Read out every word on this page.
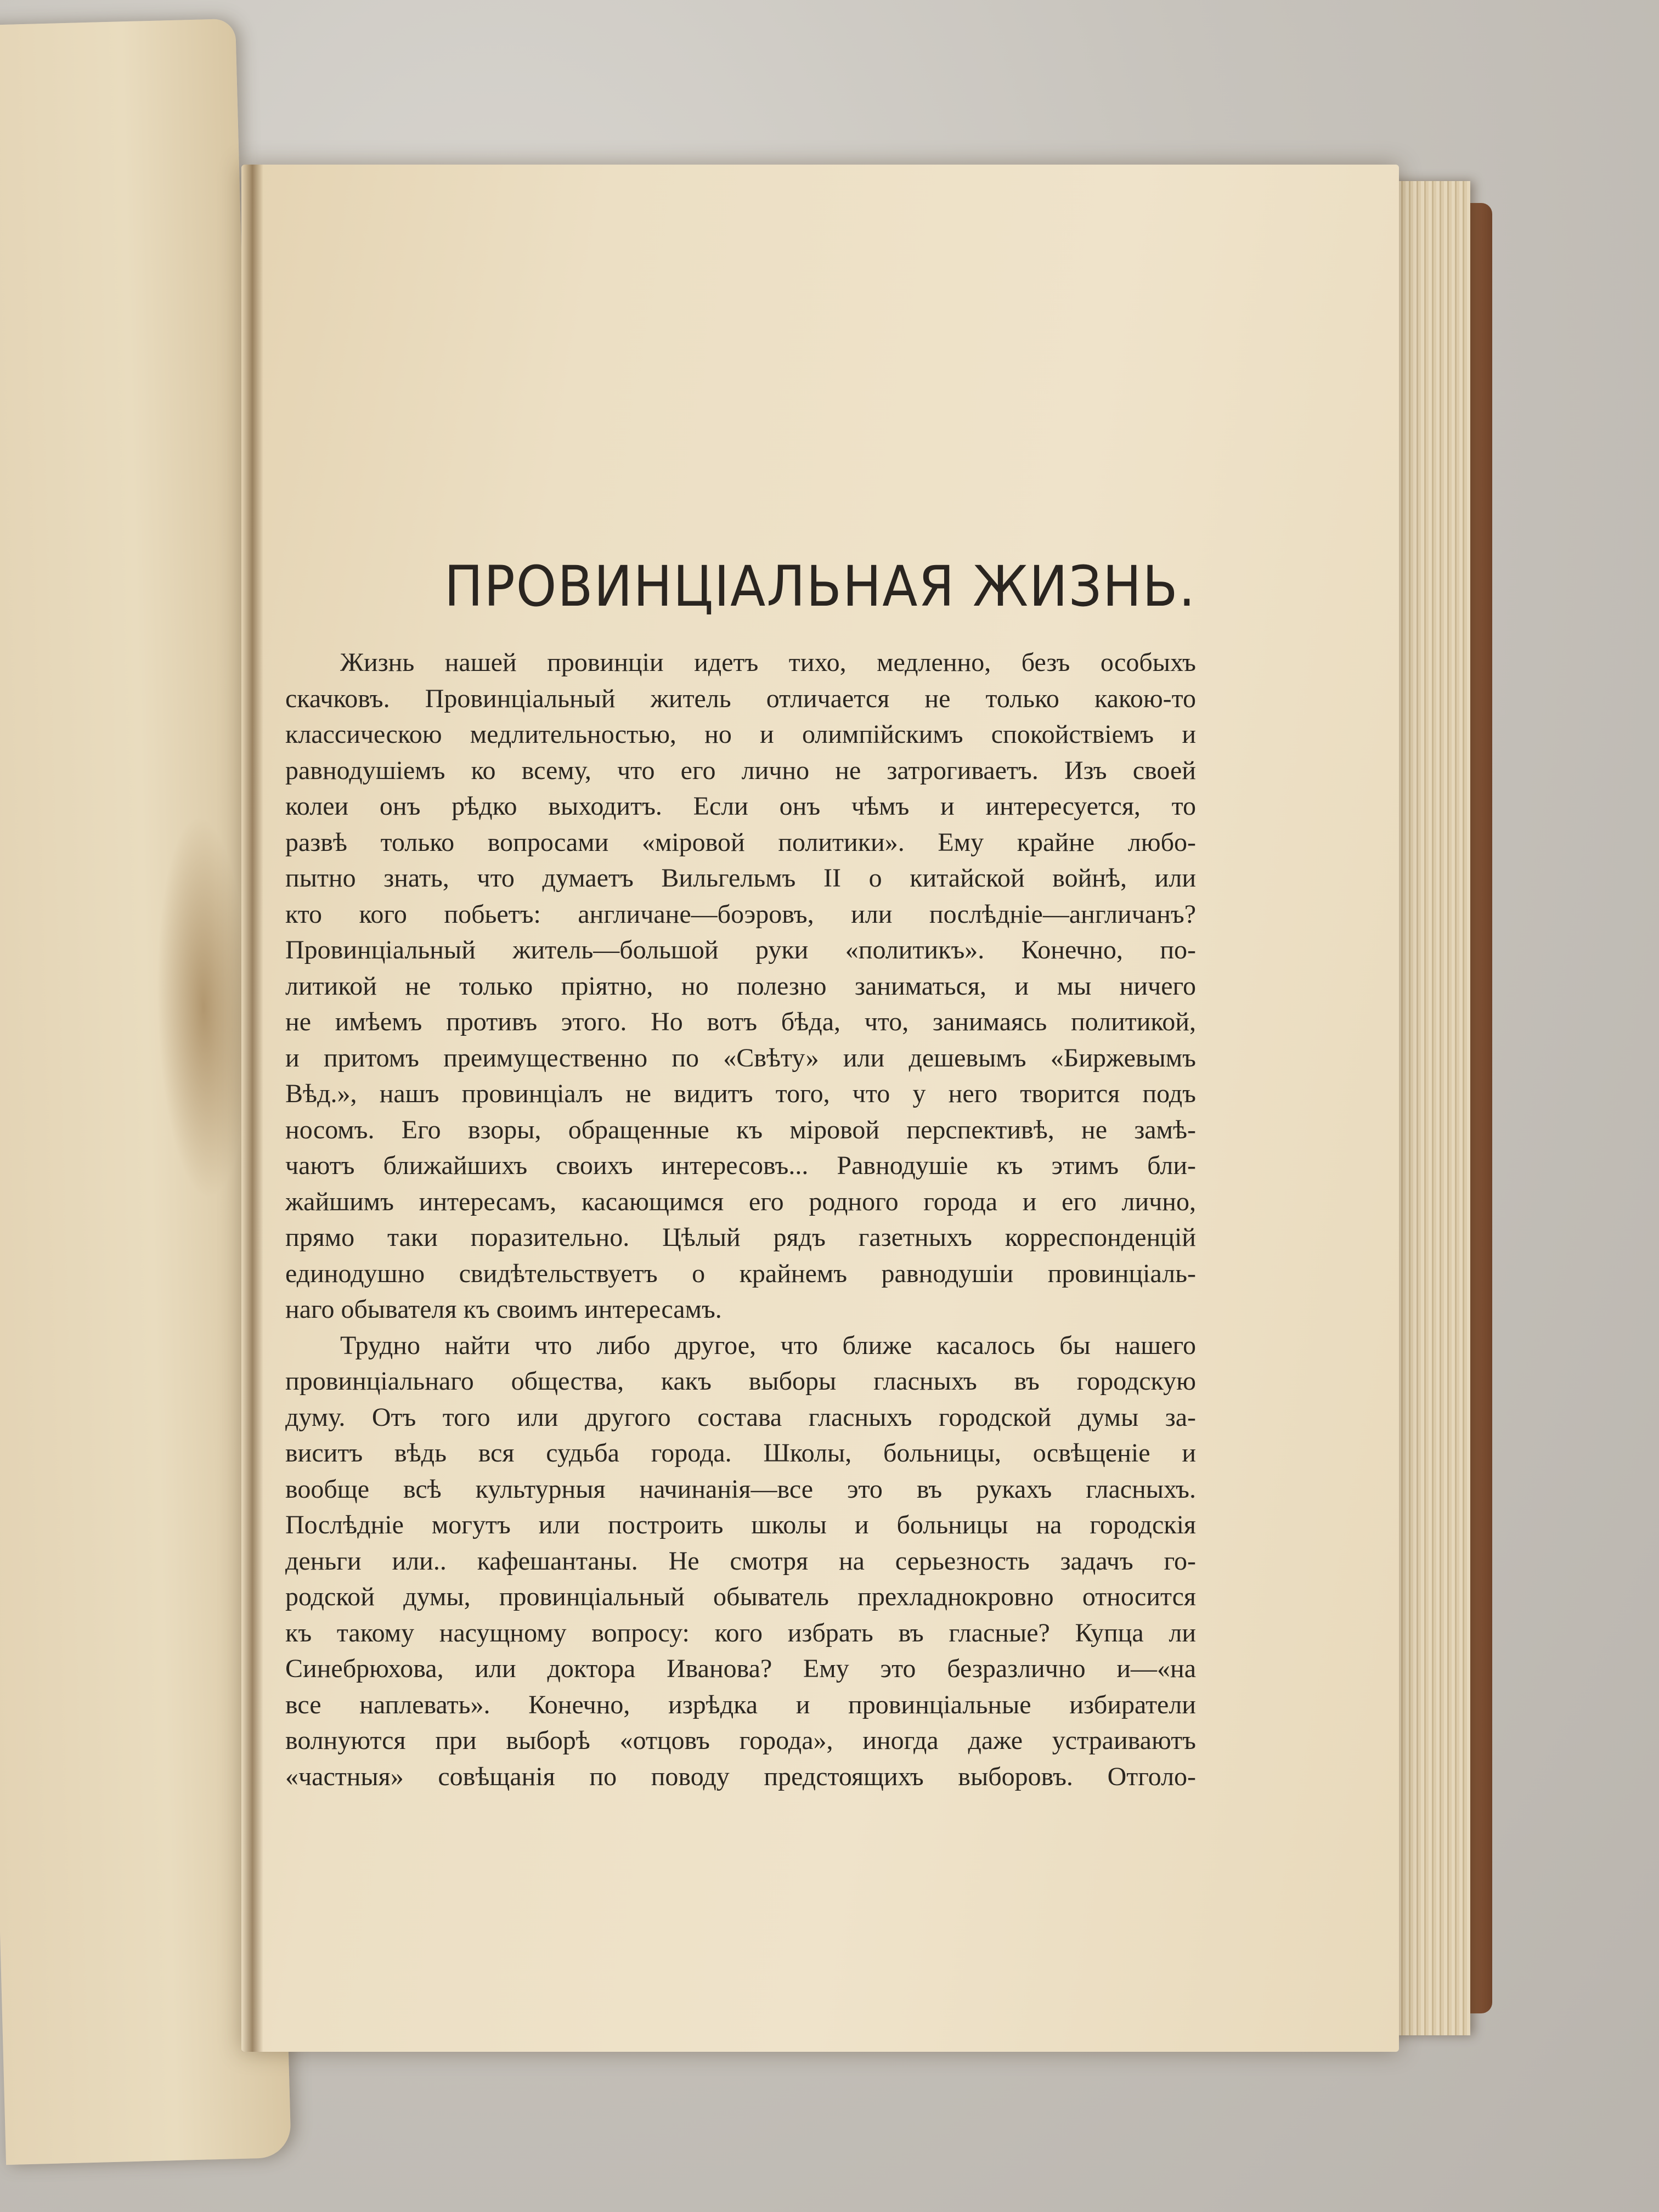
ПРОВИНЦІАЛЬНАЯ ЖИЗНЬ.
Жизнь нашей провинціи идетъ тихо, медленно, безъ особыхъ
скачковъ. Провинціальный житель отличается не только какою-то
классическою медлительностью, но и олимпійскимъ спокойствіемъ и
равнодушіемъ ко всему, что его лично не затрогиваетъ. Изъ своей
колеи онъ рѣдко выходитъ. Если онъ чѣмъ и интересуется, то
развѣ только вопросами «міровой политики». Ему крайне любо-
пытно знать, что думаетъ Вильгельмъ II о китайской войнѣ, или
кто кого побьетъ: англичане—боэровъ, или послѣдніе—англичанъ?
Провинціальный житель—большой руки «политикъ». Конечно, по-
литикой не только пріятно, но полезно заниматься, и мы ничего
не имѣемъ противъ этого. Но вотъ бѣда, что, занимаясь политикой,
и притомъ преимущественно по «Свѣту» или дешевымъ «Биржевымъ
Вѣд.», нашъ провинціалъ не видитъ того, что у него творится подъ
носомъ. Его взоры, обращенные къ міровой перспективѣ, не замѣ-
чаютъ ближайшихъ своихъ интересовъ... Равнодушіе къ этимъ бли-
жайшимъ интересамъ, касающимся его родного города и его лично,
прямо таки поразительно. Цѣлый рядъ газетныхъ корреспонденцій
единодушно свидѣтельствуетъ о крайнемъ равнодушіи провинціаль-
наго обывателя къ своимъ интересамъ.
Трудно найти что либо другое, что ближе касалось бы нашего
провинціальнаго общества, какъ выборы гласныхъ въ городскую
думу. Отъ того или другого состава гласныхъ городской думы за-
виситъ вѣдь вся судьба города. Школы, больницы, освѣщеніе и
вообще всѣ культурныя начинанія—все это въ рукахъ гласныхъ.
Послѣдніе могутъ или построить школы и больницы на городскія
деньги или.. кафешантаны. Не смотря на серьезность задачъ го-
родской думы, провинціальный обыватель прехладнокровно относится
къ такому насущному вопросу: кого избрать въ гласные? Купца ли
Синебрюхова, или доктора Иванова? Ему это безразлично и—«на
все наплевать». Конечно, изрѣдка и провинціальные избиратели
волнуются при выборѣ «отцовъ города», иногда даже устраиваютъ
«частныя» совѣщанія по поводу предстоящихъ выборовъ. Отголо-
